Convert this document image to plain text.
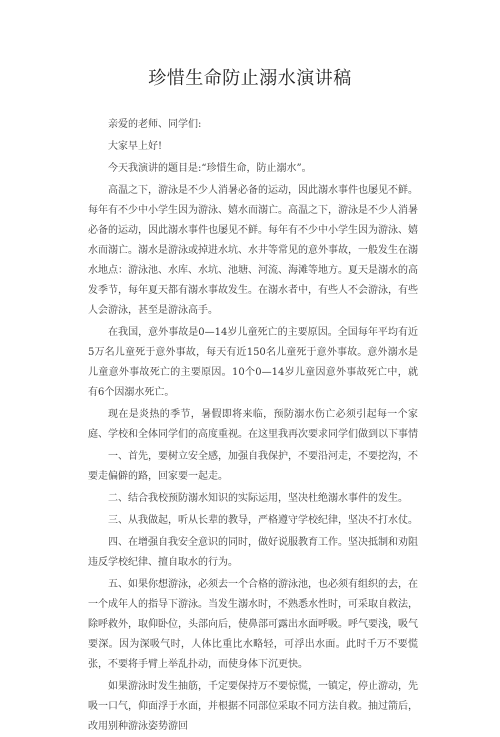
珍惜生命防止溺水演讲稿

亲爱的老师、同学们:

大家早上好!

今天我演讲的题目是:“珍惜生命，防止溺水”。

高温之下，游泳是不少人消暑必备的运动，因此溺水事件也屡见不鲜。每年有不少中小学生因为游泳、嬉水而溺亡。高温之下，游泳是不少人消暑必备的运动，因此溺水事件也屡见不鲜。每年有不少中小学生因为游泳、嬉水而溺亡。溺水是游泳或掉进水坑、水井等常见的意外事故，一般发生在溺水地点：游泳池、水库、水坑、池塘、河流、海滩等地方。夏天是溺水的高发季节，每年夏天都有溺水事故发生。在溺水者中，有些人不会游泳，有些人会游泳，甚至是游泳高手。

在我国，意外事故是0—14岁儿童死亡的主要原因。全国每年平均有近5万名儿童死于意外事故，每天有近150名儿童死于意外事故。意外溺水是儿童意外事故死亡的主要原因。10个0—14岁儿童因意外事故死亡中，就有6个因溺水死亡。

现在是炎热的季节，暑假即将来临，预防溺水伤亡必须引起每一个家庭、学校和全体同学们的高度重视。在这里我再次要求同学们做到以下事情

一、首先，要树立安全感，加强自我保护，不要沿河走，不要挖沟，不要走偏僻的路，回家要一起走。

二、结合我校预防溺水知识的实际运用，坚决杜绝溺水事件的发生。

三、从我做起，听从长辈的教导，严格遵守学校纪律，坚决不打水仗。

四、在增强自我安全意识的同时，做好说服教育工作。坚决抵制和劝阻违反学校纪律、擅自取水的行为。

五、如果你想游泳，必须去一个合格的游泳池，也必须有组织的去，在一个成年人的指导下游泳。当发生溺水时，不熟悉水性时，可采取自救法，除呼救外，取仰卧位，头部向后，使鼻部可露出水面呼吸。呼气要浅，吸气要深。因为深吸气时，人体比重比水略轻，可浮出水面。此时千万不要慌张，不要将手臂上举乱扑动，而使身体下沉更快。

如果游泳时发生抽筋，千定要保持万不要惊慌，一镇定，停止游动，先吸一口气，仰面浮于水面，并根据不同部位采取不同方法自救。抽过箭后，改用别种游泳姿势游回
